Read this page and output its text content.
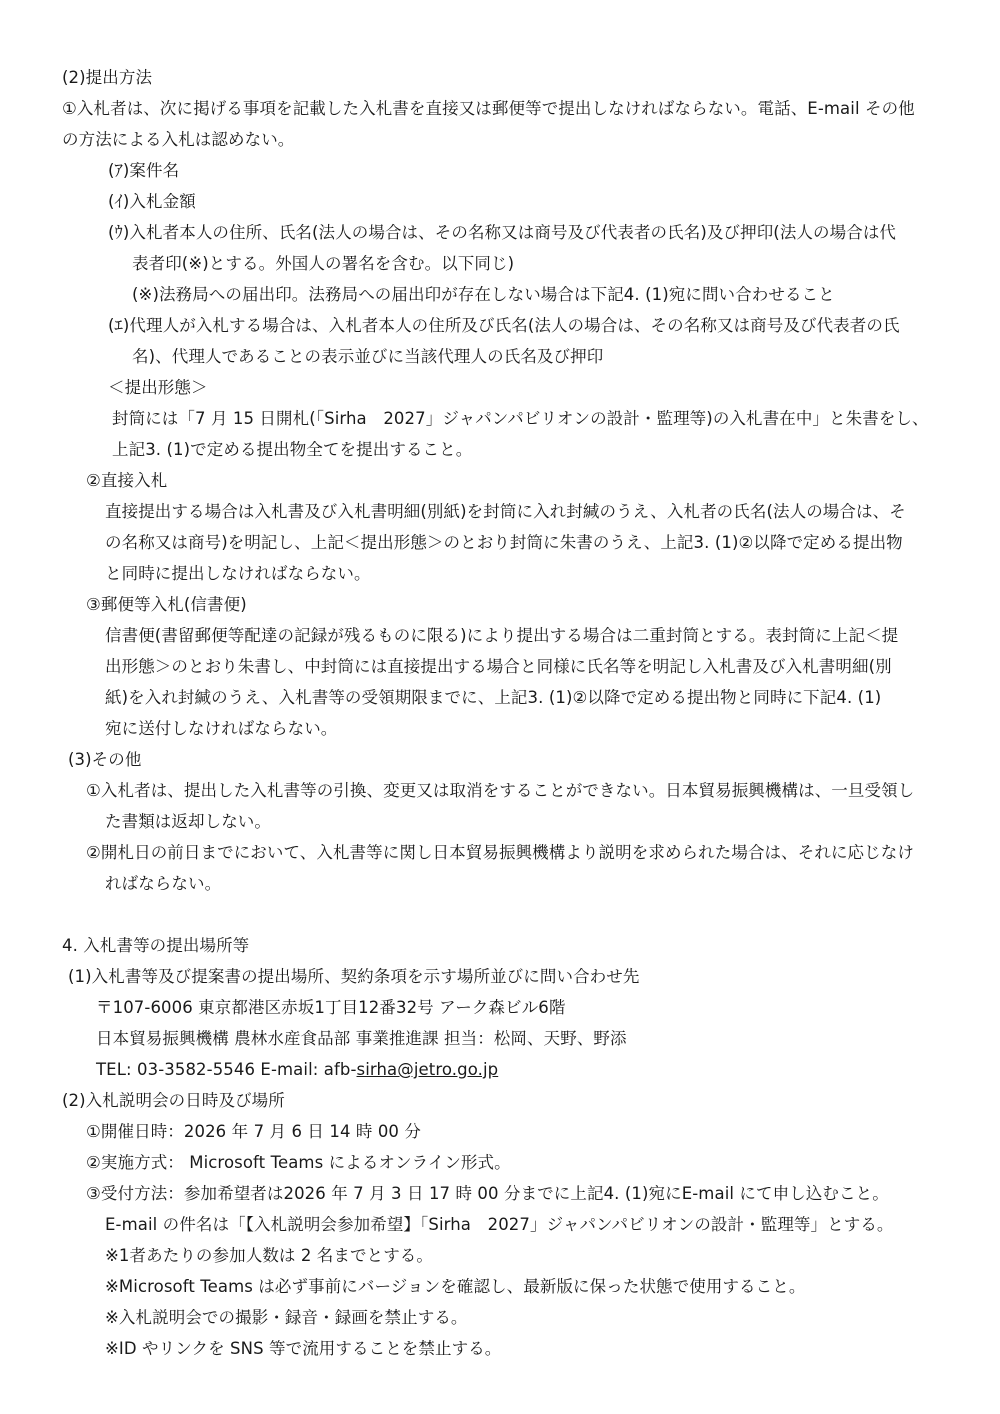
(2)提出方法
①入札者は、次に掲げる事項を記載した入札書を直接又は郵便等で提出しなければならない。電話、E-mail その他
の方法による入札は認めない。
(ｱ)案件名
(ｲ)入札金額
(ｳ)入札者本人の住所、氏名(法人の場合は、その名称又は商号及び代表者の氏名)及び押印(法人の場合は代
表者印(※)とする。外国人の署名を含む。以下同じ)
(※)法務局への届出印。法務局への届出印が存在しない場合は下記4. (1)宛に問い合わせること
(ｴ)代理人が入札する場合は、入札者本人の住所及び氏名(法人の場合は、その名称又は商号及び代表者の氏
名)、代理人であることの表示並びに当該代理人の氏名及び押印
＜提出形態＞
封筒には「7 月 15 日開札(「Sirha　2027」ジャパンパビリオンの設計・監理等)の入札書在中」と朱書をし、
上記3. (1)で定める提出物全てを提出すること。
②直接入札
直接提出する場合は入札書及び入札書明細(別紙)を封筒に入れ封緘のうえ、入札者の氏名(法人の場合は、そ
の名称又は商号)を明記し、上記＜提出形態＞のとおり封筒に朱書のうえ、上記3. (1)②以降で定める提出物
と同時に提出しなければならない。
③郵便等入札(信書便)
信書便(書留郵便等配達の記録が残るものに限る)により提出する場合は二重封筒とする。表封筒に上記＜提
出形態＞のとおり朱書し、中封筒には直接提出する場合と同様に氏名等を明記し入札書及び入札書明細(別
紙)を入れ封緘のうえ、入札書等の受領期限までに、上記3. (1)②以降で定める提出物と同時に下記4. (1)
宛に送付しなければならない。
(3)その他
①入札者は、提出した入札書等の引換、変更又は取消をすることができない。日本貿易振興機構は、一旦受領し
た書類は返却しない。
②開札日の前日までにおいて、入札書等に関し日本貿易振興機構より説明を求められた場合は、それに応じなけ
ればならない。
4. 入札書等の提出場所等
(1)入札書等及び提案書の提出場所、契約条項を示す場所並びに問い合わせ先
〒107-6006 東京都港区赤坂1丁目12番32号 アーク森ビル6階
日本貿易振興機構 農林水産食品部 事業推進課 担当：松岡、天野、野添
TEL: 03-3582-5546 E-mail: afb-sirha@jetro.go.jp
(2)入札説明会の日時及び場所
①開催日時：2026 年 7 月 6 日 14 時 00 分
②実施方式： Microsoft Teams によるオンライン形式。
③受付方法：参加希望者は2026 年 7 月 3 日 17 時 00 分までに上記4. (1)宛にE-mail にて申し込むこと。
E-mail の件名は「【入札説明会参加希望】「Sirha　2027」ジャパンパビリオンの設計・監理等」とする。
※1者あたりの参加人数は 2 名までとする。
※Microsoft Teams は必ず事前にバージョンを確認し、最新版に保った状態で使用すること。
※入札説明会での撮影・録音・録画を禁止する。
※ID やリンクを SNS 等で流用することを禁止する。
